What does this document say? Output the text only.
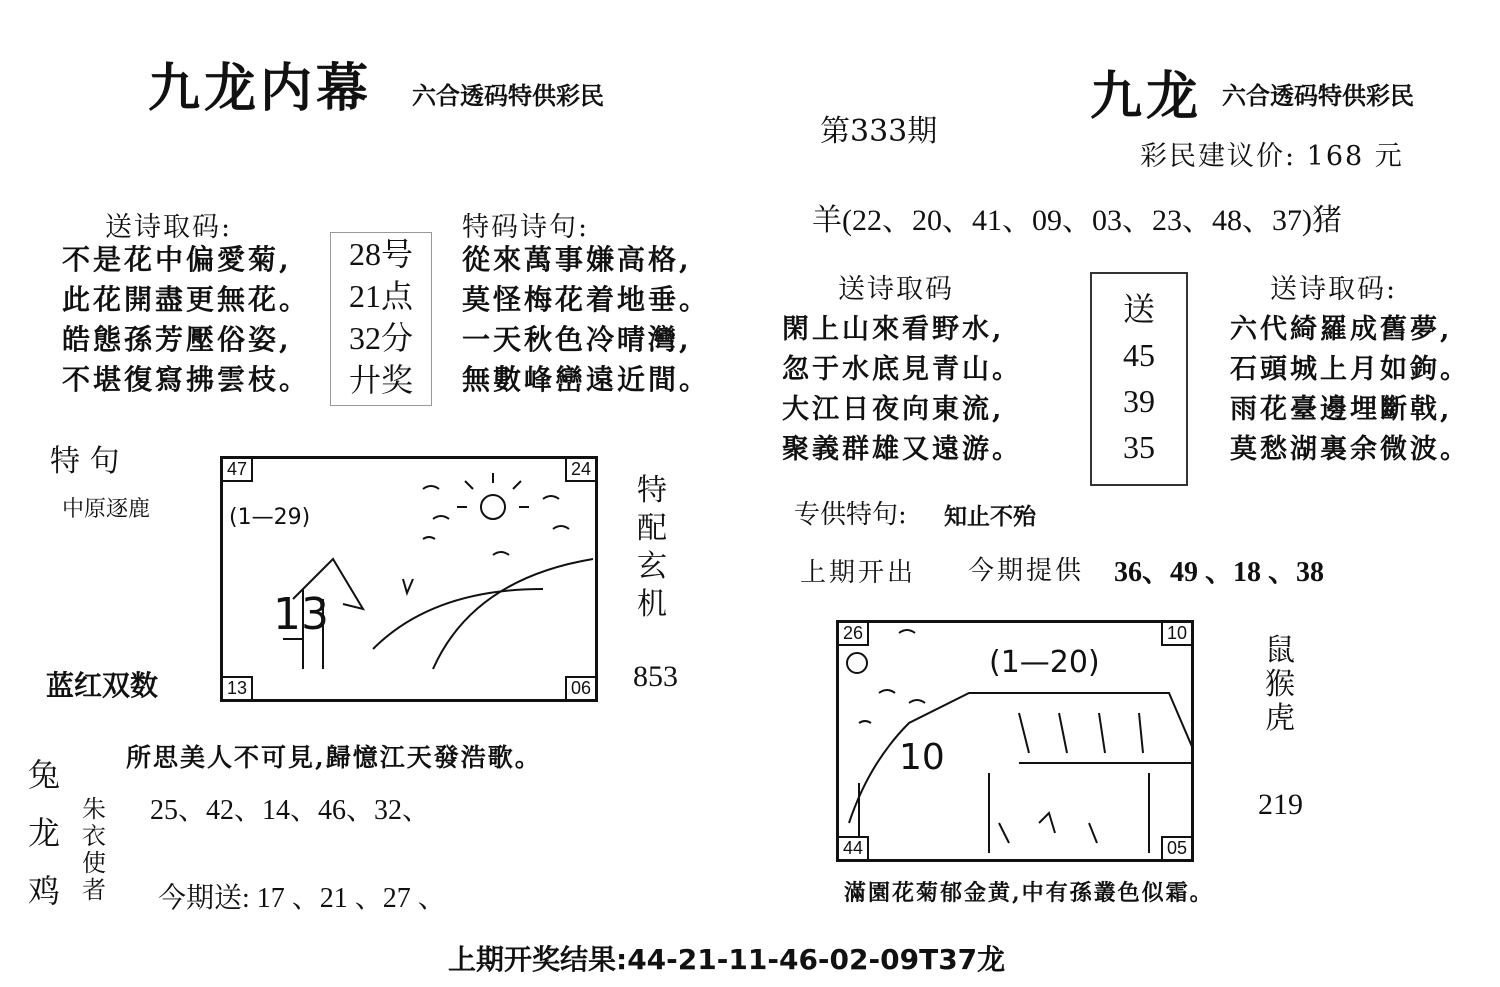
九龙内幕 六合透码特供彩民
送诗取码:
不是花中偏愛菊,
此花開盡更無花。
皓態孫芳壓俗姿,
不堪復寫拂雲枝。
28号
21点
32分
廾奖
特码诗句:
從來萬事嫌高格,
莫怪梅花着地垂。
一天秋色冷晴灣,
無數峰巒遠近間。
特 句
中原逐鹿	(1—29)
13
47	24
13	06
特
配
玄
机
853
蓝红双数
所思美人不可見,歸憶江天發浩歌。
兔
龙
鸡
朱
衣
使
者
25、42、14、46、32、
今期送: 17 、21 、27 、
九龙 六合透码特供彩民
第333期
彩民建议价: 168 元
羊(22、20、41、09、03、23、48、37)猪
送诗取码
閑上山來看野水,
忽于水底見青山。
大江日夜向東流,
聚義群雄又遠游。
送
45
39
35
送诗取码:
六代綺羅成舊夢,
石頭城上月如鉤。
雨花臺邊埋斷戟,
莫愁湖裏余微波。
专供特句: 知止不殆
上期开出 今期提供 36、49 、18 、38
(1—20)
10
26	10
44	05
鼠
猴
虎
219
滿園花菊郁金黄,中有孫叢色似霜。
上期开奖结果:44-21-11-46-02-09T37龙
